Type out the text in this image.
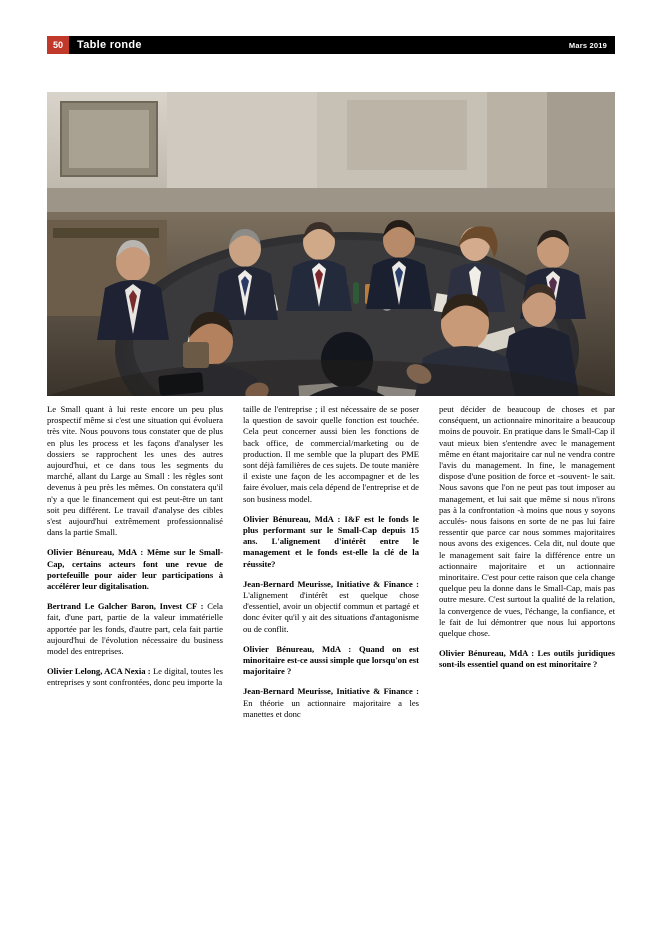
50	Table ronde	Mars 2019

Le Small quant à lui reste encore un peu plus prospectif même si c'est une situation qui évoluera très vite. Nous pouvons tous constater que de plus en plus les process et les façons d'analyser les dossiers se rapprochent les unes des autres aujourd'hui, et ce dans tous les segments du marché, allant du Large au Small : les règles sont devenus à peu près les mêmes. On constatera qu'il n'y a que le financement qui est peut-être un tant soit peu différent. Le travail d'analyse des cibles s'est aujourd'hui extrêmement professionnalisé dans la partie Small.

Olivier Bénureau, MdA : Même sur le Small-Cap, certains acteurs font une revue de portefeuille pour aider leur participations à accélérer leur digitalisation.

Bertrand Le Galcher Baron, Invest CF : Cela fait, d'une part, partie de la valeur immatérielle apportée par les fonds, d'autre part, cela fait partie aujourd'hui de l'évolution nécessaire du business model des entreprises.

Olivier Lelong, ACA Nexia : Le digital, toutes les entreprises y sont confrontées, donc peu importe la

taille de l'entreprise ; il est nécessaire de se poser la question de savoir quelle fonction est touchée. Cela peut concerner aussi bien les fonctions de back office, de commercial/marketing ou de production. Il me semble que la plupart des PME sont déjà familières de ces sujets. De toute manière il existe une façon de les accompagner et de les faire évoluer, mais cela dépend de l'entreprise et de son business model.

Olivier Bénureau, MdA : I&F est le fonds le plus performant sur le Small-Cap depuis 15 ans. L'alignement d'intérêt entre le management et le fonds est-elle la clé de la réussite?

Jean-Bernard Meurisse, Initiative & Finance : L'alignement d'intérêt est quelque chose d'essentiel, avoir un objectif commun et partagé et donc éviter qu'il y ait des situations d'antagonisme ou de conflit.

Olivier Bénureau, MdA : Quand on est minoritaire est-ce aussi simple que lorsqu'on est majoritaire ?

Jean-Bernard Meurisse, Initiative & Finance : En théorie un actionnaire majoritaire a les manettes et donc

peut décider de beaucoup de choses et par conséquent, un actionnaire minoritaire a beaucoup moins de pouvoir. En pratique dans le Small-Cap il vaut mieux bien s'entendre avec le management même en étant majoritaire car nul ne vendra contre l'avis du management. In fine, le management dispose d'une position de force et -souvent- le sait. Nous savons que l'on ne peut pas tout imposer au management, et lui sait que même si nous n'irons pas à la confrontation -à moins que nous y soyons acculés- nous faisons en sorte de ne pas lui faire ressentir que parce car nous sommes majoritaires nous avons des exigences. Cela dit, nul doute que le management sait faire la différence entre un actionnaire majoritaire et un actionnaire minoritaire. C'est pour cette raison que cela change quelque peu la donne dans le Small-Cap, mais pas outre mesure. C'est surtout la qualité de la relation, la convergence de vues, l'échange, la confiance, et le fait de lui démontrer que nous lui apportons quelque chose.

Olivier Bénureau, MdA : Les outils juridiques sont-ils essentiel quand on est minoritaire ?
